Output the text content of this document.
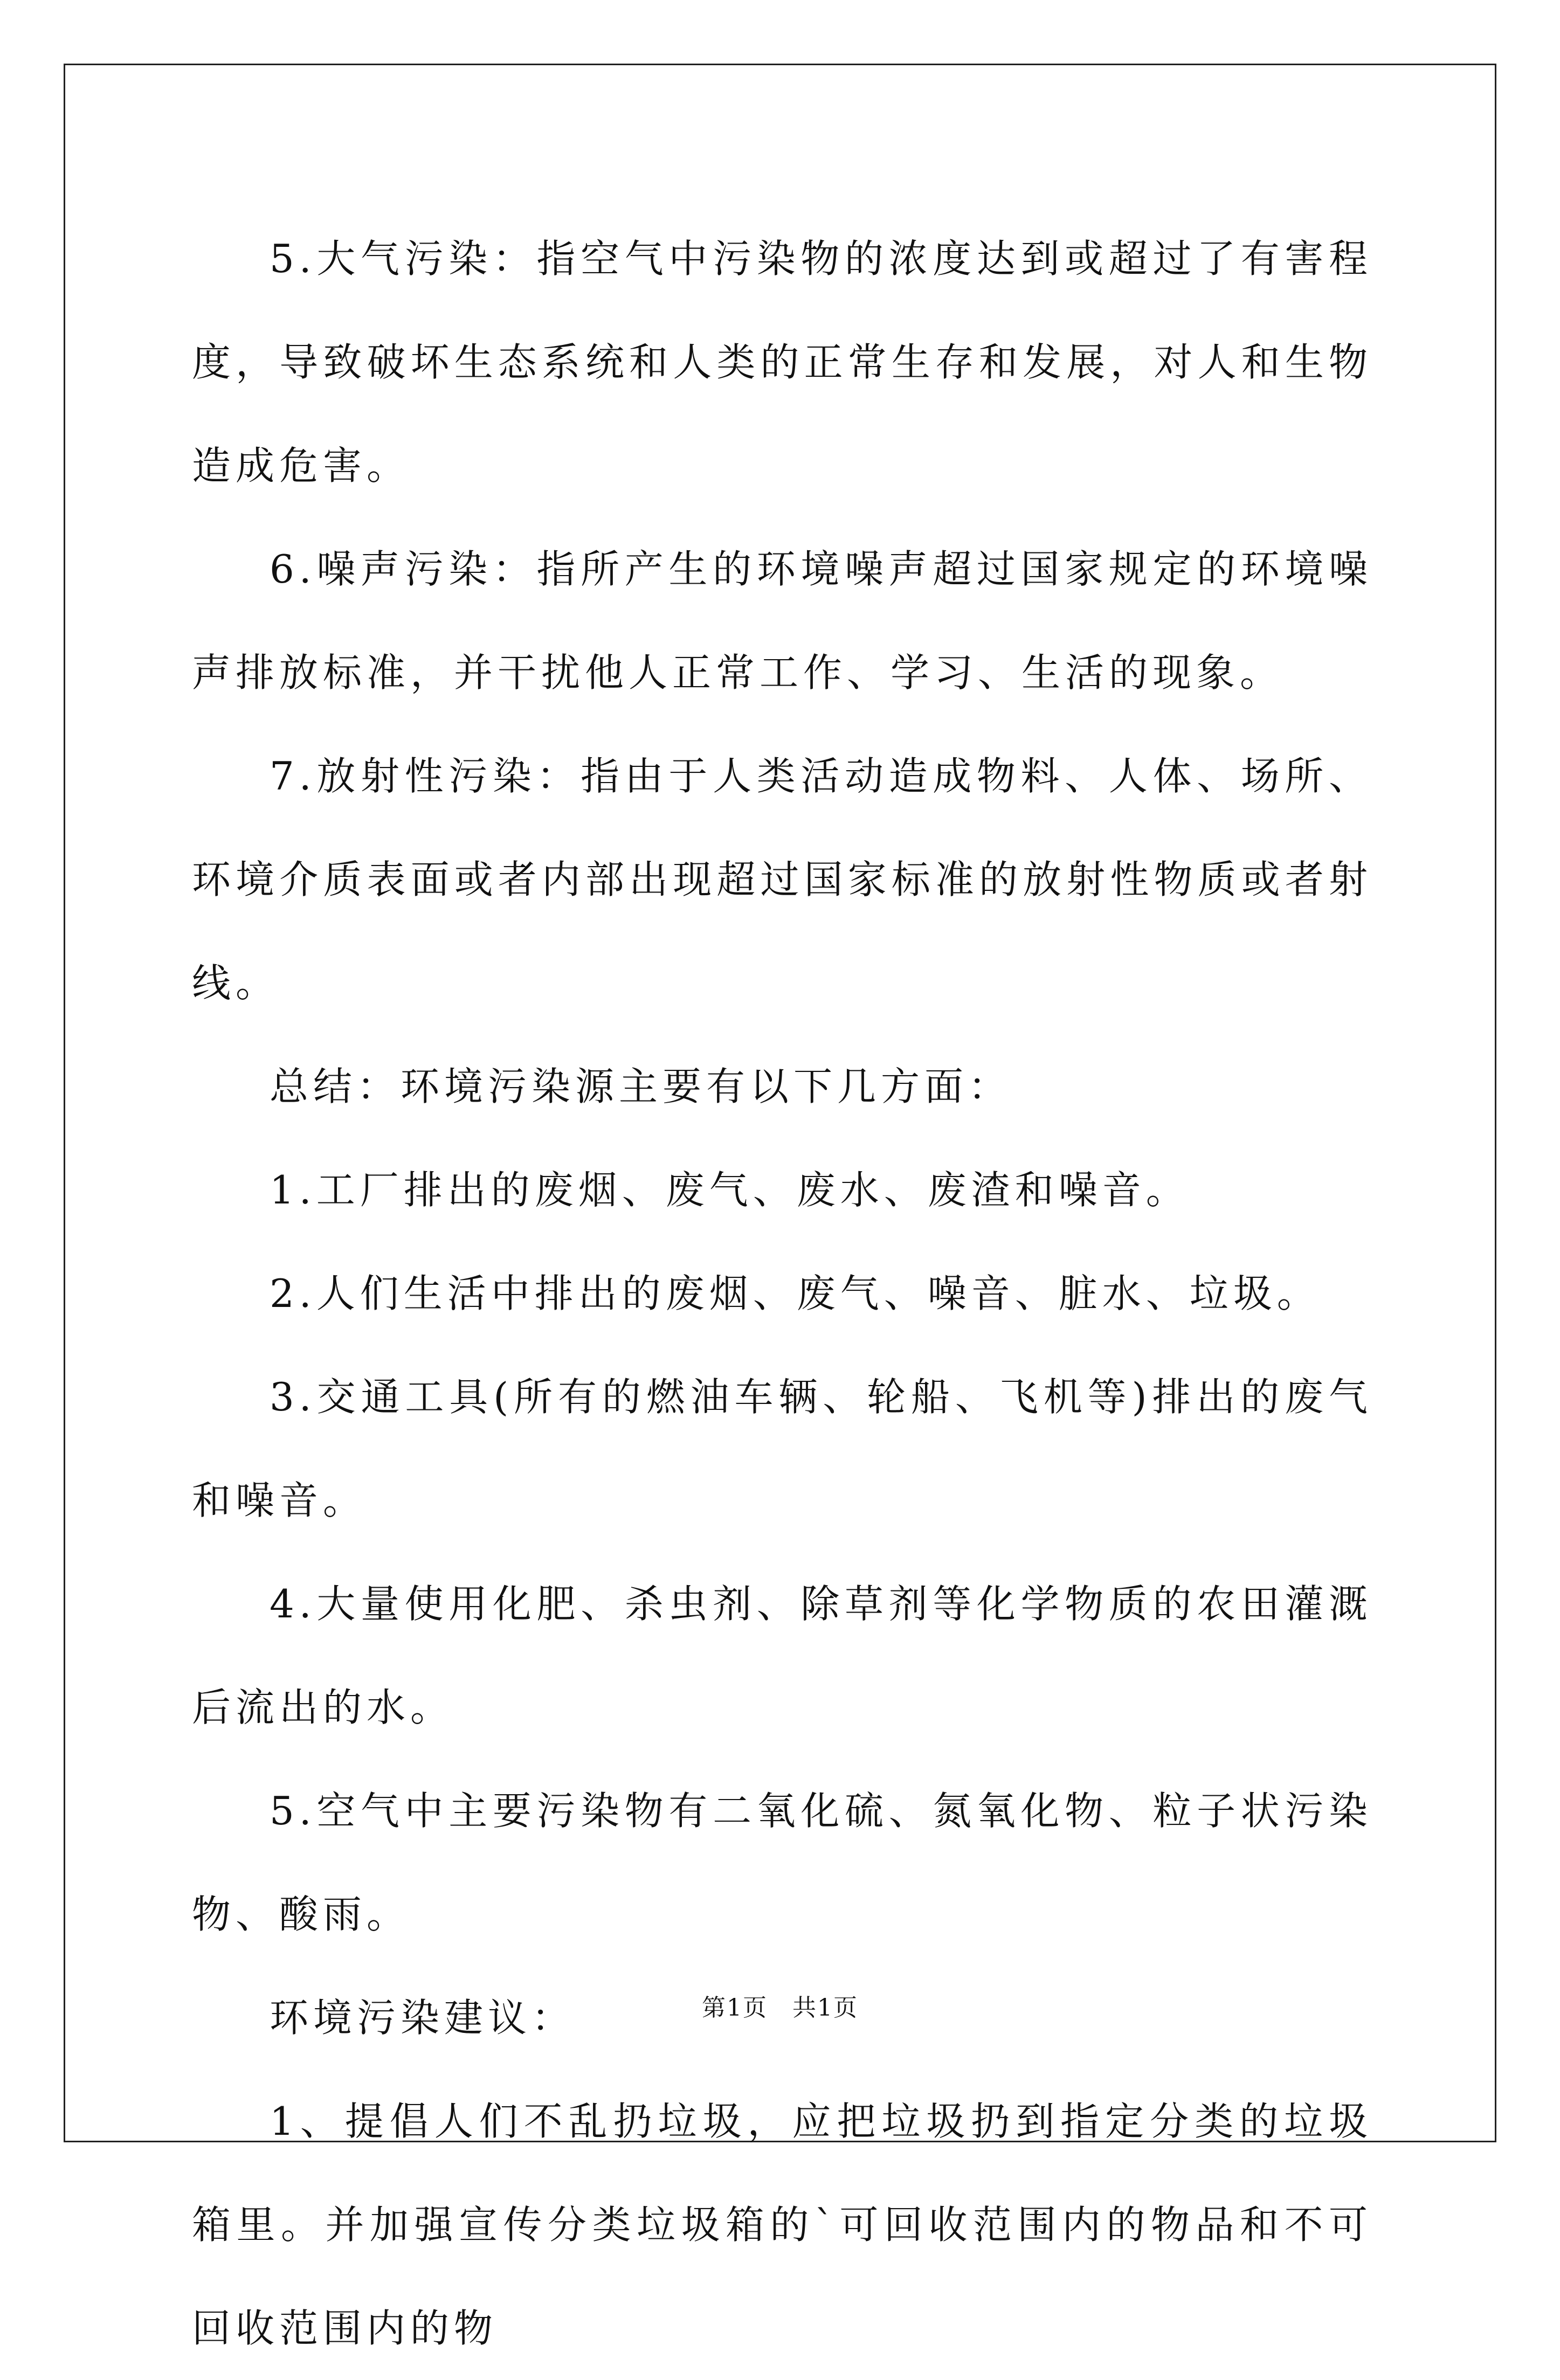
5.大气污染：指空气中污染物的浓度达到或超过了有害程度，导致破坏生态系统和人类的正常生存和发展，对人和生物造成危害。

6.噪声污染：指所产生的环境噪声超过国家规定的环境噪声排放标准，并干扰他人正常工作、学习、生活的现象。

7.放射性污染：指由于人类活动造成物料、人体、场所、环境介质表面或者内部出现超过国家标准的放射性物质或者射线。

总结：环境污染源主要有以下几方面：

1.工厂排出的废烟、废气、废水、废渣和噪音。

2.人们生活中排出的废烟、废气、噪音、脏水、垃圾。

3.交通工具(所有的燃油车辆、轮船、飞机等)排出的废气和噪音。

4.大量使用化肥、杀虫剂、除草剂等化学物质的农田灌溉后流出的水。

5.空气中主要污染物有二氧化硫、氮氧化物、粒子状污染物、酸雨。

环境污染建议：

1、提倡人们不乱扔垃圾，应把垃圾扔到指定分类的垃圾箱里。并加强宣传分类垃圾箱的`可回收范围内的物品和不可回收范围内的物

第1页　共1页
